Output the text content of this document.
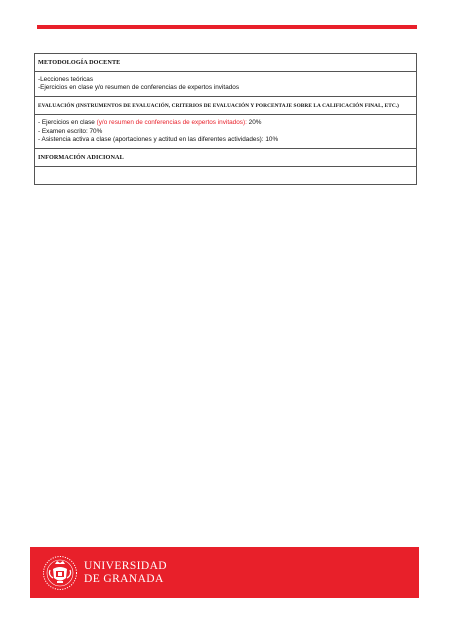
METODOLOGÍA DOCENTE
-Lecciones teóricas
-Ejercicios en clase y/o resumen de conferencias de expertos invitados
EVALUACIÓN (INSTRUMENTOS DE EVALUACIÓN, CRITERIOS DE EVALUACIÓN Y PORCENTAJE SOBRE LA CALIFICACIÓN FINAL, ETC.)
- Ejercicios en clase (y/o resumen de conferencias de expertos invitados): 20%
- Examen escrito: 70%
- Asistencia activa a clase (aportaciones y actitud en las diferentes actividades): 10%
INFORMACIÓN ADICIONAL
UNIVERSIDAD
DE GRANADA
